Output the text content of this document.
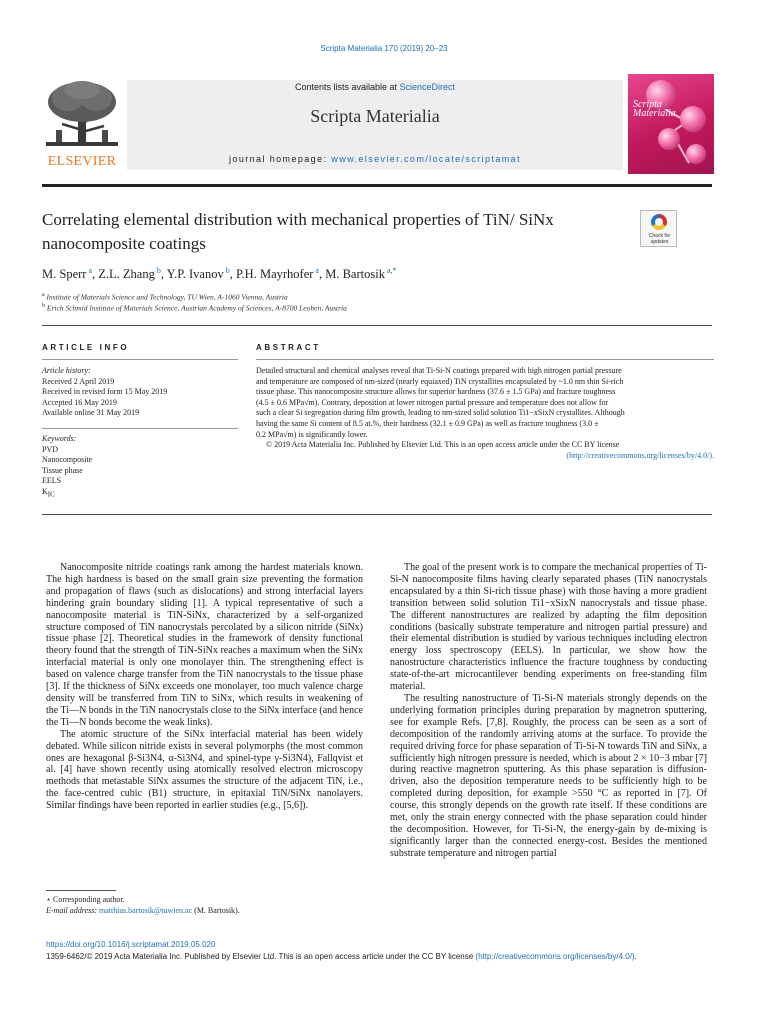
Scripta Materialia 170 (2019) 20–23
ELSEVIER
Contents lists available at ScienceDirect
Scripta Materialia
journal homepage: www.elsevier.com/locate/scriptamat
Scripta
Materialia
Correlating elemental distribution with mechanical properties of TiN/ SiNx nanocomposite coatings	Check for updates
M. Sperr $^a$, Z.L. Zhang $^b$, Y.P. Ivanov $^b$, P.H. Mayrhofer $^a$, M. Bartosik $^{a,*}$
$^a$ Institute of Materials Science and Technology, TU Wien, A-1060 Vienna, Austria
$^b$ Erich Schmid Institute of Materials Science, Austrian Academy of Sciences, A-8700 Leoben, Austria
ARTICLE INFO
Article history:
Received 2 April 2019
Received in revised form 15 May 2019
Accepted 16 May 2019
Available online 31 May 2019
Keywords:
PVD
Nanocomposite
Tissue phase
EELS
$K_{IC}$
ABSTRACT
Detailed structural and chemical analyses reveal that Ti-Si-N coatings prepared with high nitrogen partial pressure
and temperature are composed of nm-sized (nearly equiaxed) TiN crystallites encapsulated by ~1.0 nm thin Si-rich
tissue phase. This nanocomposite structure allows for superior hardness (37.6 ± 1.5 GPa) and fracture toughness
(4.5 ± 0.6 MPa√m). Contrary, deposition at lower nitrogen partial pressure and temperature does not allow for
such a clear Si segregation during film growth, leading to nm-sized solid solution Ti1−xSixN crystallites. Although
having the same Si content of 8.5 at.%, their hardness (32.1 ± 0.9 GPa) as well as fracture toughness (3.0 ±
0.2 MPa√m) is significantly lower.
© 2019 Acta Materialia Inc. Published by Elsevier Ltd. This is an open access article under the CC BY license
(http://creativecommons.org/licenses/by/4.0/).

Nanocomposite nitride coatings rank among the hardest materials known. The high hardness is based on the small grain size preventing the formation and propagation of flaws (such as dislocations) and strong interfacial layers hindering grain boundary sliding [1]. A typical representative of such a nanocomposite material is TiN-SiNx, characterized by a self-organized structure composed of TiN nanocrystals percolated by a silicon nitride (SiNx) tissue phase [2]. Theoretical studies in the framework of density functional theory found that the strength of TiN-SiNx reaches a maximum when the SiNx interfacial material is only one monolayer thin. The strengthening effect is based on valence charge transfer from the TiN nanocrystals to the tissue phase [3]. If the thickness of SiNx exceeds one monolayer, too much valence charge density will be transferred from TiN to SiNx, which results in weakening of the Ti—N bonds in the TiN nanocrystals close to the SiNx interface (and hence the Ti—N bonds become the weak links).

The atomic structure of the SiNx interfacial material has been widely debated. While silicon nitride exists in several polymorphs (the most common ones are hexagonal β-Si3N4, α-Si3N4, and spinel-type γ-Si3N4), Fallqvist et al. [4] have shown recently using atomically resolved electron microscopy methods that metastable SiNx assumes the structure of the adjacent TiN, i.e., the face-centred cubic (B1) structure, in epitaxial TiN/SiNx nanolayers. Similar findings have been reported in earlier studies (e.g., [5,6]).

The goal of the present work is to compare the mechanical properties of Ti-Si-N nanocomposite films having clearly separated phases (TiN nanocrystals encapsulated by a thin Si-rich tissue phase) with those having a more gradient transition between solid solution Ti1−xSixN nanocrystals and tissue phase. The different nanostructures are realized by adapting the film deposition conditions (basically substrate temperature and nitrogen partial pressure) and their elemental distribution is studied by various techniques including electron energy loss spectroscopy (EELS). In particular, we show how the nanostructure characteristics influence the fracture toughness by conducting state-of-the-art microcantilever bending experiments on free-standing film material.

The resulting nanostructure of Ti-Si-N materials strongly depends on the underlying formation principles during preparation by magnetron sputtering, see for example Refs. [7,8]. Roughly, the process can be seen as a sort of decomposition of the randomly arriving atoms at the surface. To provide the required driving force for phase separation of Ti-Si-N towards TiN and SiNx, a sufficiently high nitrogen pressure is needed, which is about 2 × 10−3 mbar [7] during reactive magnetron sputtering. As this phase separation is diffusion-driven, also the deposition temperature needs to be sufficiently high to be completed during deposition, for example >550 °C as reported in [7]. Of course, this strongly depends on the growth rate itself. If these conditions are met, only the strain energy connected with the phase separation could hinder the decomposition. However, for Ti-Si-N, the energy-gain by de-mixing is significantly larger than the connected energy-cost. Besides the mentioned substrate temperature and nitrogen partial

⋆ Corresponding author.
E-mail address: matthias.bartosik@tuwien.ac (M. Bartosik).
https://doi.org/10.1016/j.scriptamat.2019.05.020
1359-6462/© 2019 Acta Materialia Inc. Published by Elsevier Ltd. This is an open access article under the CC BY license (http://creativecommons.org/licenses/by/4.0/).
